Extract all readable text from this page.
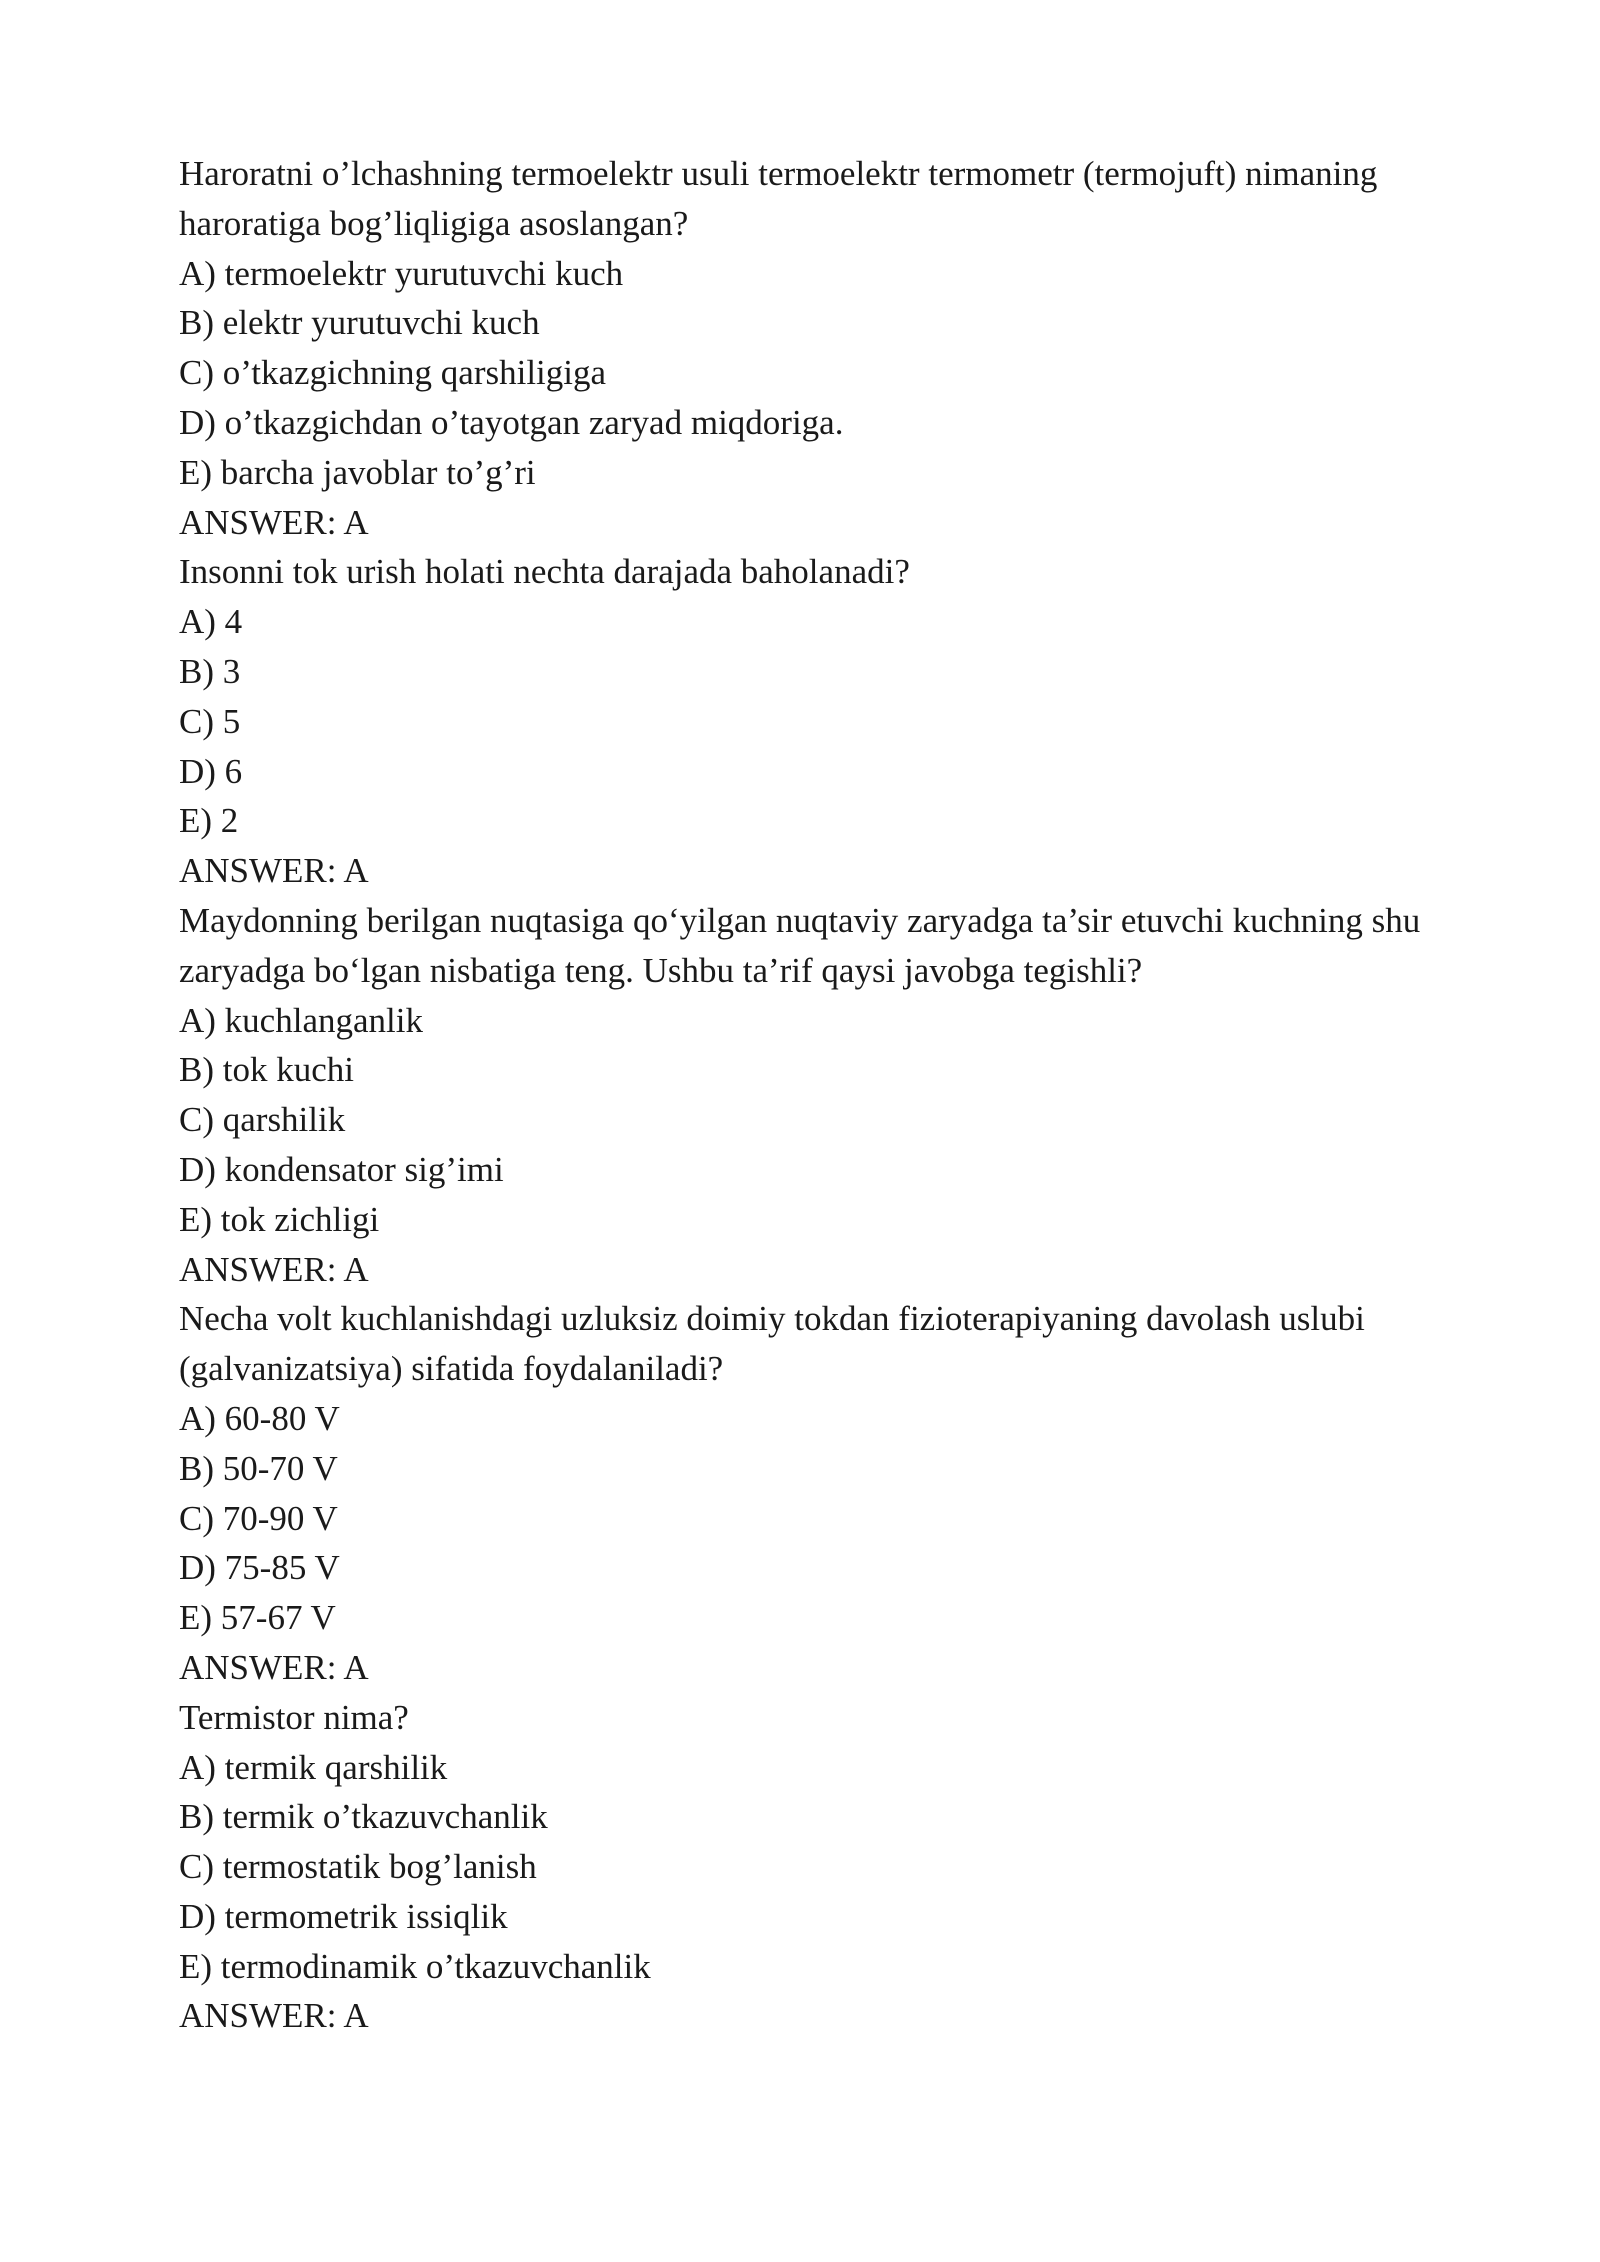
Haroratni o’lchashning termoelektr usuli termoelektr termometr (termojuft) nimaning haroratiga bog’liqligiga asoslangan?

A) termoelektr yurutuvchi kuch

B) elektr yurutuvchi kuch

C) o’tkazgichning qarshiligiga

D) o’tkazgichdan o’tayotgan zaryad miqdoriga.

E) barcha javoblar to’g’ri

ANSWER: A

Insonni tok urish holati nechta darajada baholanadi?

A) 4

B) 3

C) 5

D) 6

E) 2

ANSWER: A

Maydonning berilgan nuqtasiga qo‘yilgan nuqtaviy zaryadga ta’sir etuvchi kuchning shu zaryadga bo‘lgan nisbatiga teng. Ushbu ta’rif qaysi javobga tegishli?

A) kuchlanganlik

B) tok kuchi

C) qarshilik

D) kondensator sig’imi

E) tok zichligi

ANSWER: A

Necha volt kuchlanishdagi uzluksiz doimiy tokdan fizioterapiyaning davolash uslubi (galvanizatsiya) sifatida foydalaniladi?

A) 60-80 V

B) 50-70 V

C) 70-90 V

D) 75-85 V

E) 57-67 V

ANSWER: A

Termistor nima?

A) termik qarshilik

B) termik o’tkazuvchanlik

C) termostatik bog’lanish

D) termometrik issiqlik

E) termodinamik o’tkazuvchanlik

ANSWER: A
